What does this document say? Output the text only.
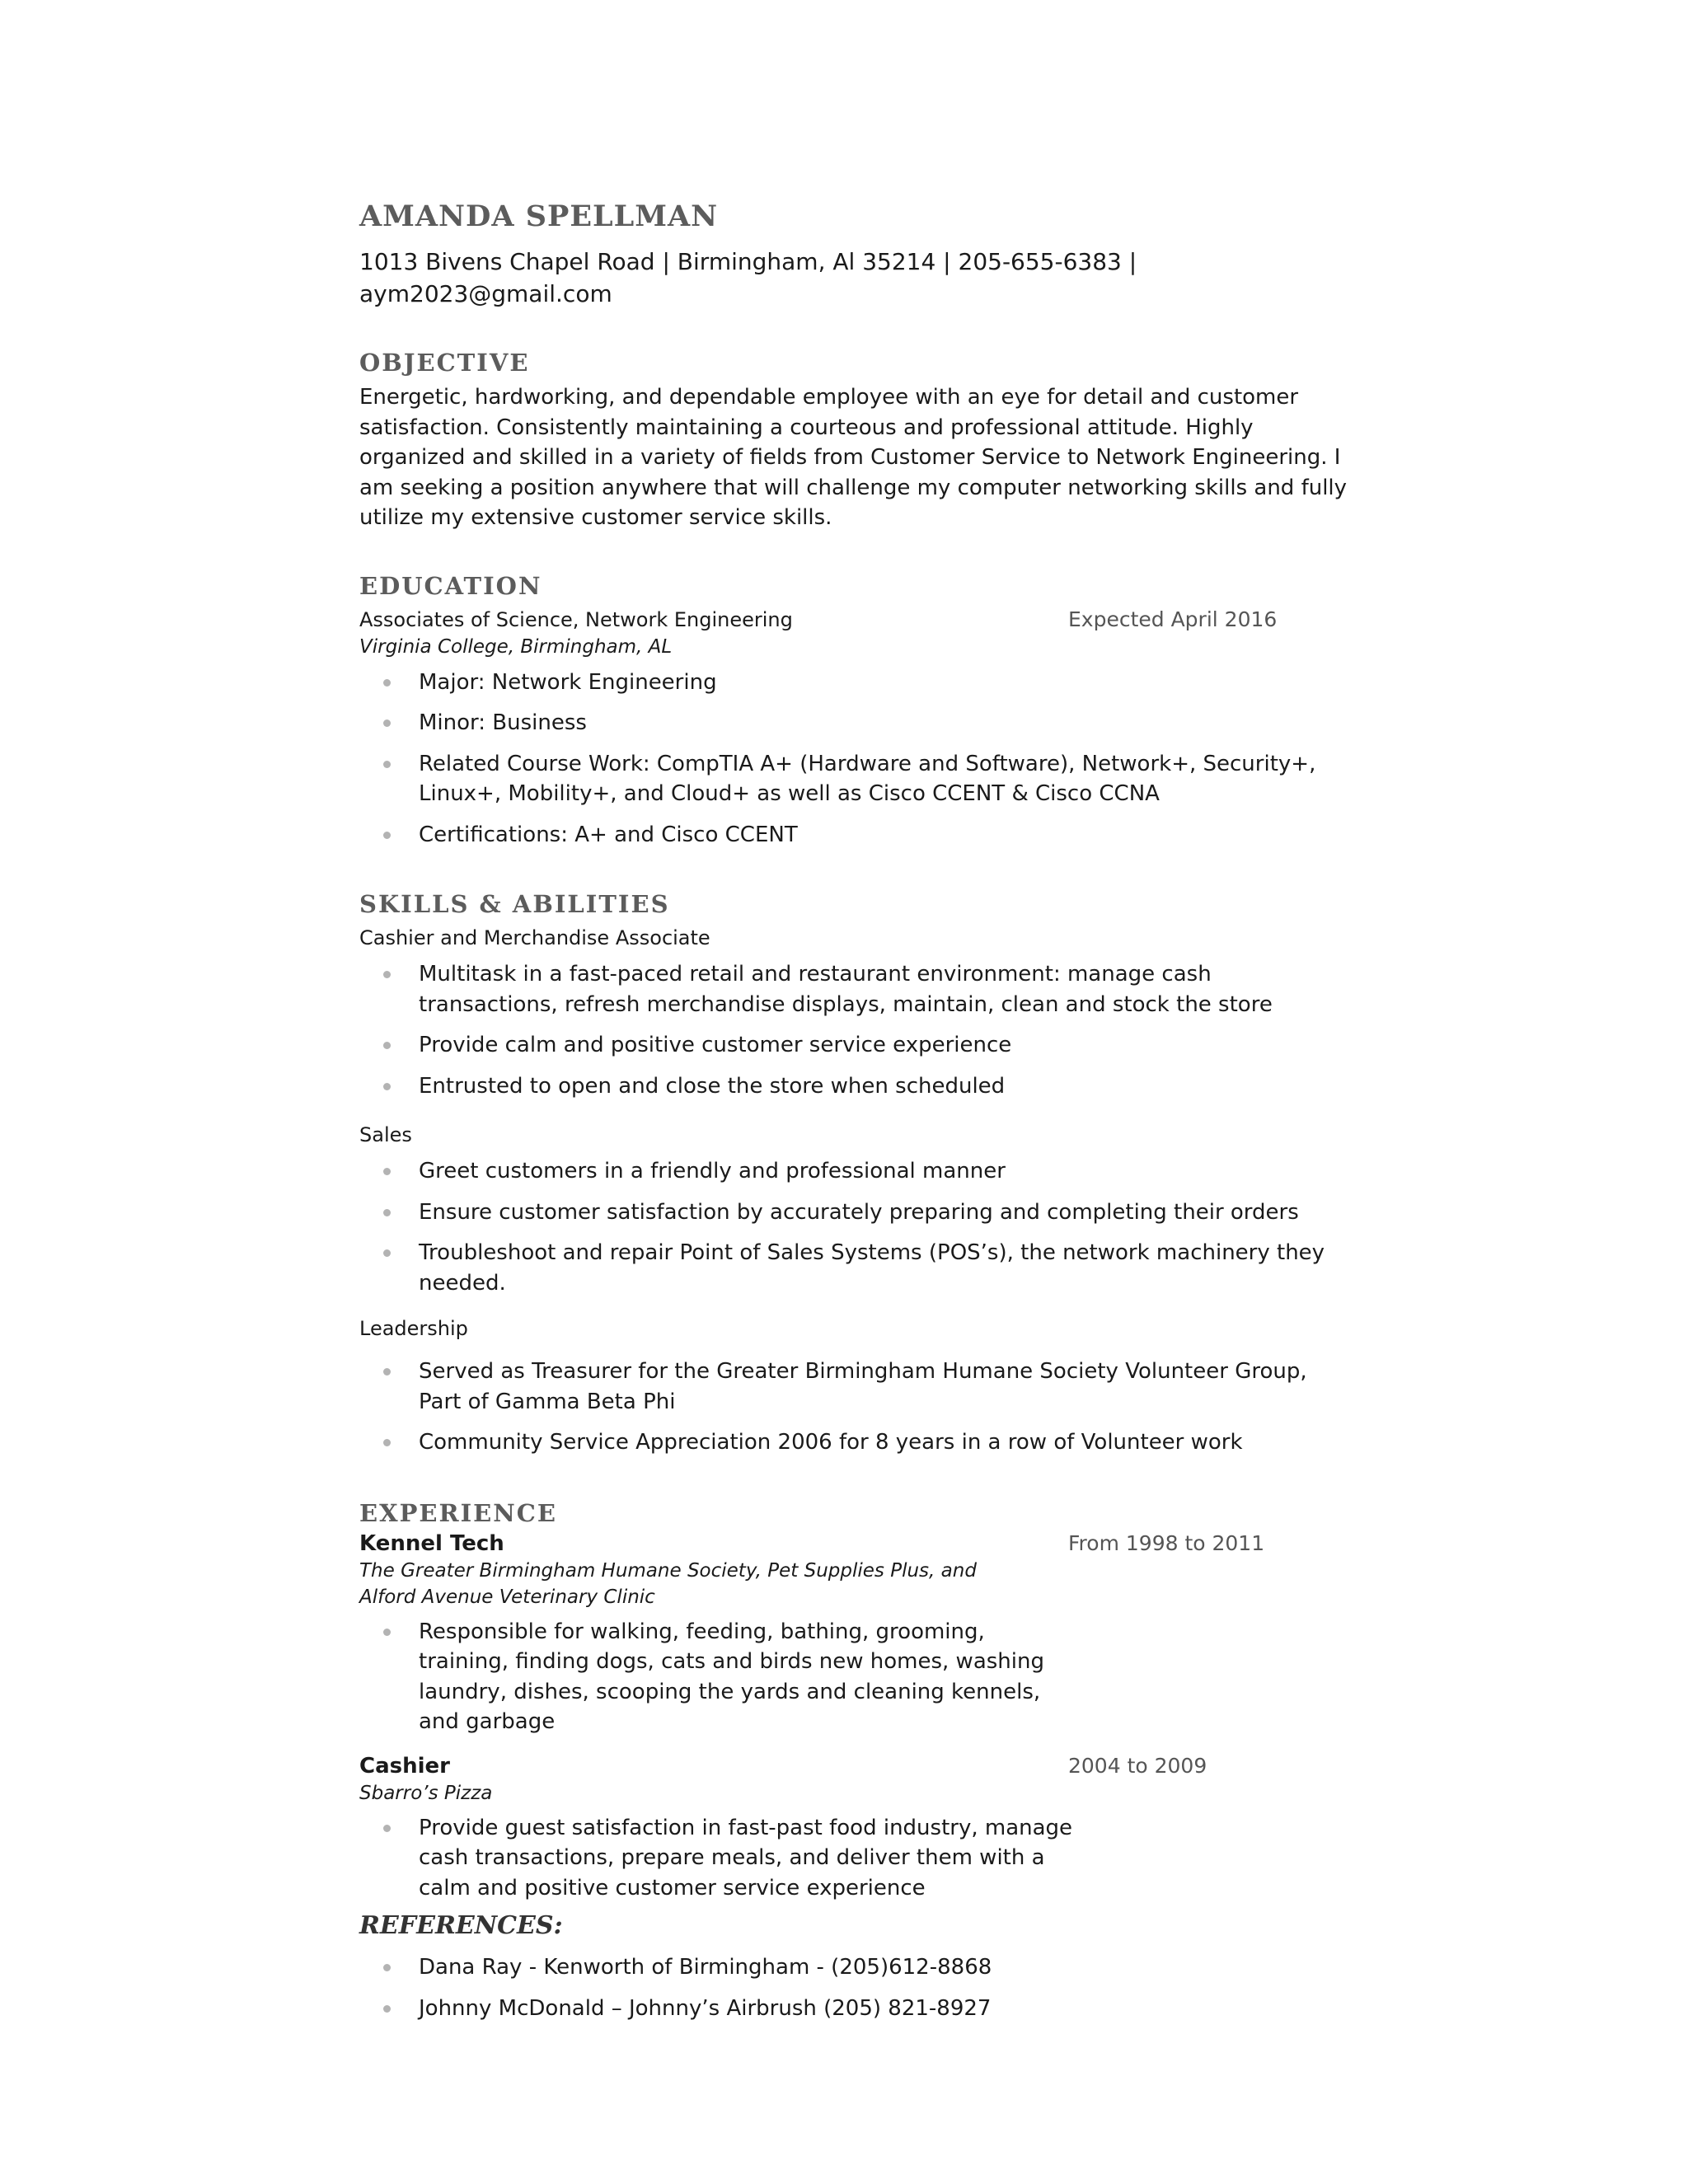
AMANDA SPELLMAN
1013 Bivens Chapel Road | Birmingham, Al 35214 | 205-655-6383 |
aym2023@gmail.com
OBJECTIVE

Energetic, hardworking, and dependable employee with an eye for detail and customer satisfaction. Consistently maintaining a courteous and professional attitude. Highly organized and skilled in a variety of fields from Customer Service to Network Engineering. I am seeking a position anywhere that will challenge my computer networking skills and fully utilize my extensive customer service skills.

EDUCATION

Associates of Science, Network Engineering	Expected April 2016

Virginia College, Birmingham, AL

Major: Network Engineering
Minor: Business
Related Course Work: CompTIA A+ (Hardware and Software), Network+, Security+, Linux+, Mobility+, and Cloud+ as well as Cisco CCENT & Cisco CCNA
Certifications: A+ and Cisco CCENT
SKILLS & ABILITIES

Cashier and Merchandise Associate

Multitask in a fast-paced retail and restaurant environment: manage cash transactions, refresh merchandise displays, maintain, clean and stock the store
Provide calm and positive customer service experience
Entrusted to open and close the store when scheduled

Sales

Greet customers in a friendly and professional manner
Ensure customer satisfaction by accurately preparing and completing their orders
Troubleshoot and repair Point of Sales Systems (POS’s), the network machinery they needed.

Leadership

Served as Treasurer for the Greater Birmingham Humane Society Volunteer Group, Part of Gamma Beta Phi
Community Service Appreciation 2006 for 8 years in a row of Volunteer work
EXPERIENCE

Kennel Tech	From 1998 to 2011

The Greater Birmingham Humane Society, Pet Supplies Plus, and Alford Avenue Veterinary Clinic

Responsible for walking, feeding, bathing, grooming, training, finding dogs, cats and birds new homes, washing laundry, dishes, scooping the yards and cleaning kennels, and garbage

Cashier	2004 to 2009

Sbarro’s Pizza

Provide guest satisfaction in fast-past food industry, manage cash transactions, prepare meals, and deliver them with a calm and positive customer service experience
REFERENCES:
Dana Ray - Kenworth of Birmingham - (205)612-8868
Johnny McDonald – Johnny’s Airbrush (205) 821-8927
